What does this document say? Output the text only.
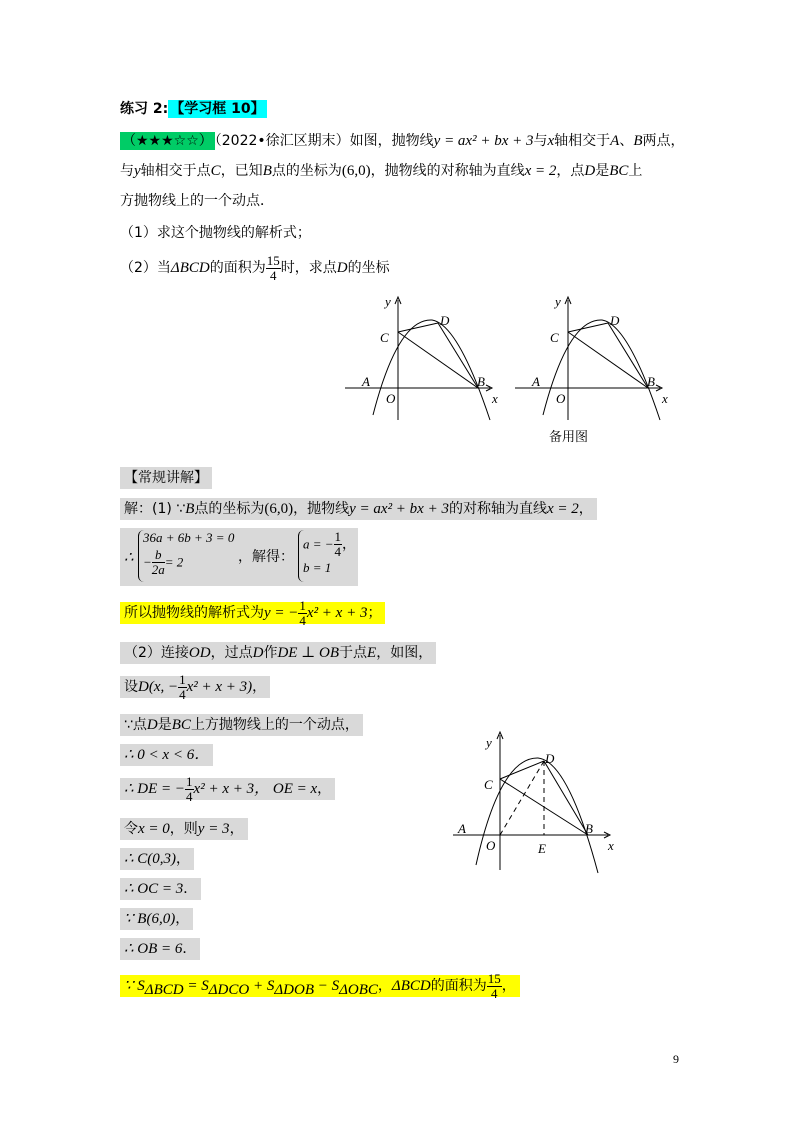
练习 2: 【学习框 10】
（★★★☆☆） （2022•徐汇区期末）如图，抛物线y = ax² + bx + 3与x轴相交于A、B两点，
与y轴相交于点C，已知B点的坐标为(6,0)，抛物线的对称轴为直线x = 2，点D是BC上
方抛物线上的一个动点．
（1）求这个抛物线的解析式；
（2）当ΔBCD的面积为 $\frac{15}{4}$ 时，求点D的坐标
y
x
C
D
A	B
O
y
x
C
D
A	B
O
备用图
【常规讲解】
解：(1) ∵B点的坐标为(6,0)，抛物线y = ax² + bx + 3的对称轴为直线x = 2，
∴
36a + 6b + 3 = 0
− $\frac{b}{2a} = 2$	，解得：
a = − $\frac{1}{4}$ ，
b = 1
所以抛物线的解析式为y = − $\frac{1}{4} x^2 + x + 3$；
（2）连接OD，过点D作DE ⊥ OB于点E，如图，
设D(x, − $\frac{1}{4} x^2 + x + 3$)，
∵点D是BC上方抛物线上的一个动点，
∴ 0 < x < 6．
∴ DE = − $\frac{1}{4} x^2 + x + 3$， OE = x，
令x = 0，则y = 3，
∴ C(0,3)，
∴ OC = 3．
∵ B(6,0)，
∴ OB = 6．
∵ $S_{\Delta BCD} = S_{\Delta DCO} + S_{\Delta DOB} - S_{\Delta OBC}$，ΔBCD的面积为 $\frac{15}{4}$ ，
y
x
C
D
A	B
O	E
9
